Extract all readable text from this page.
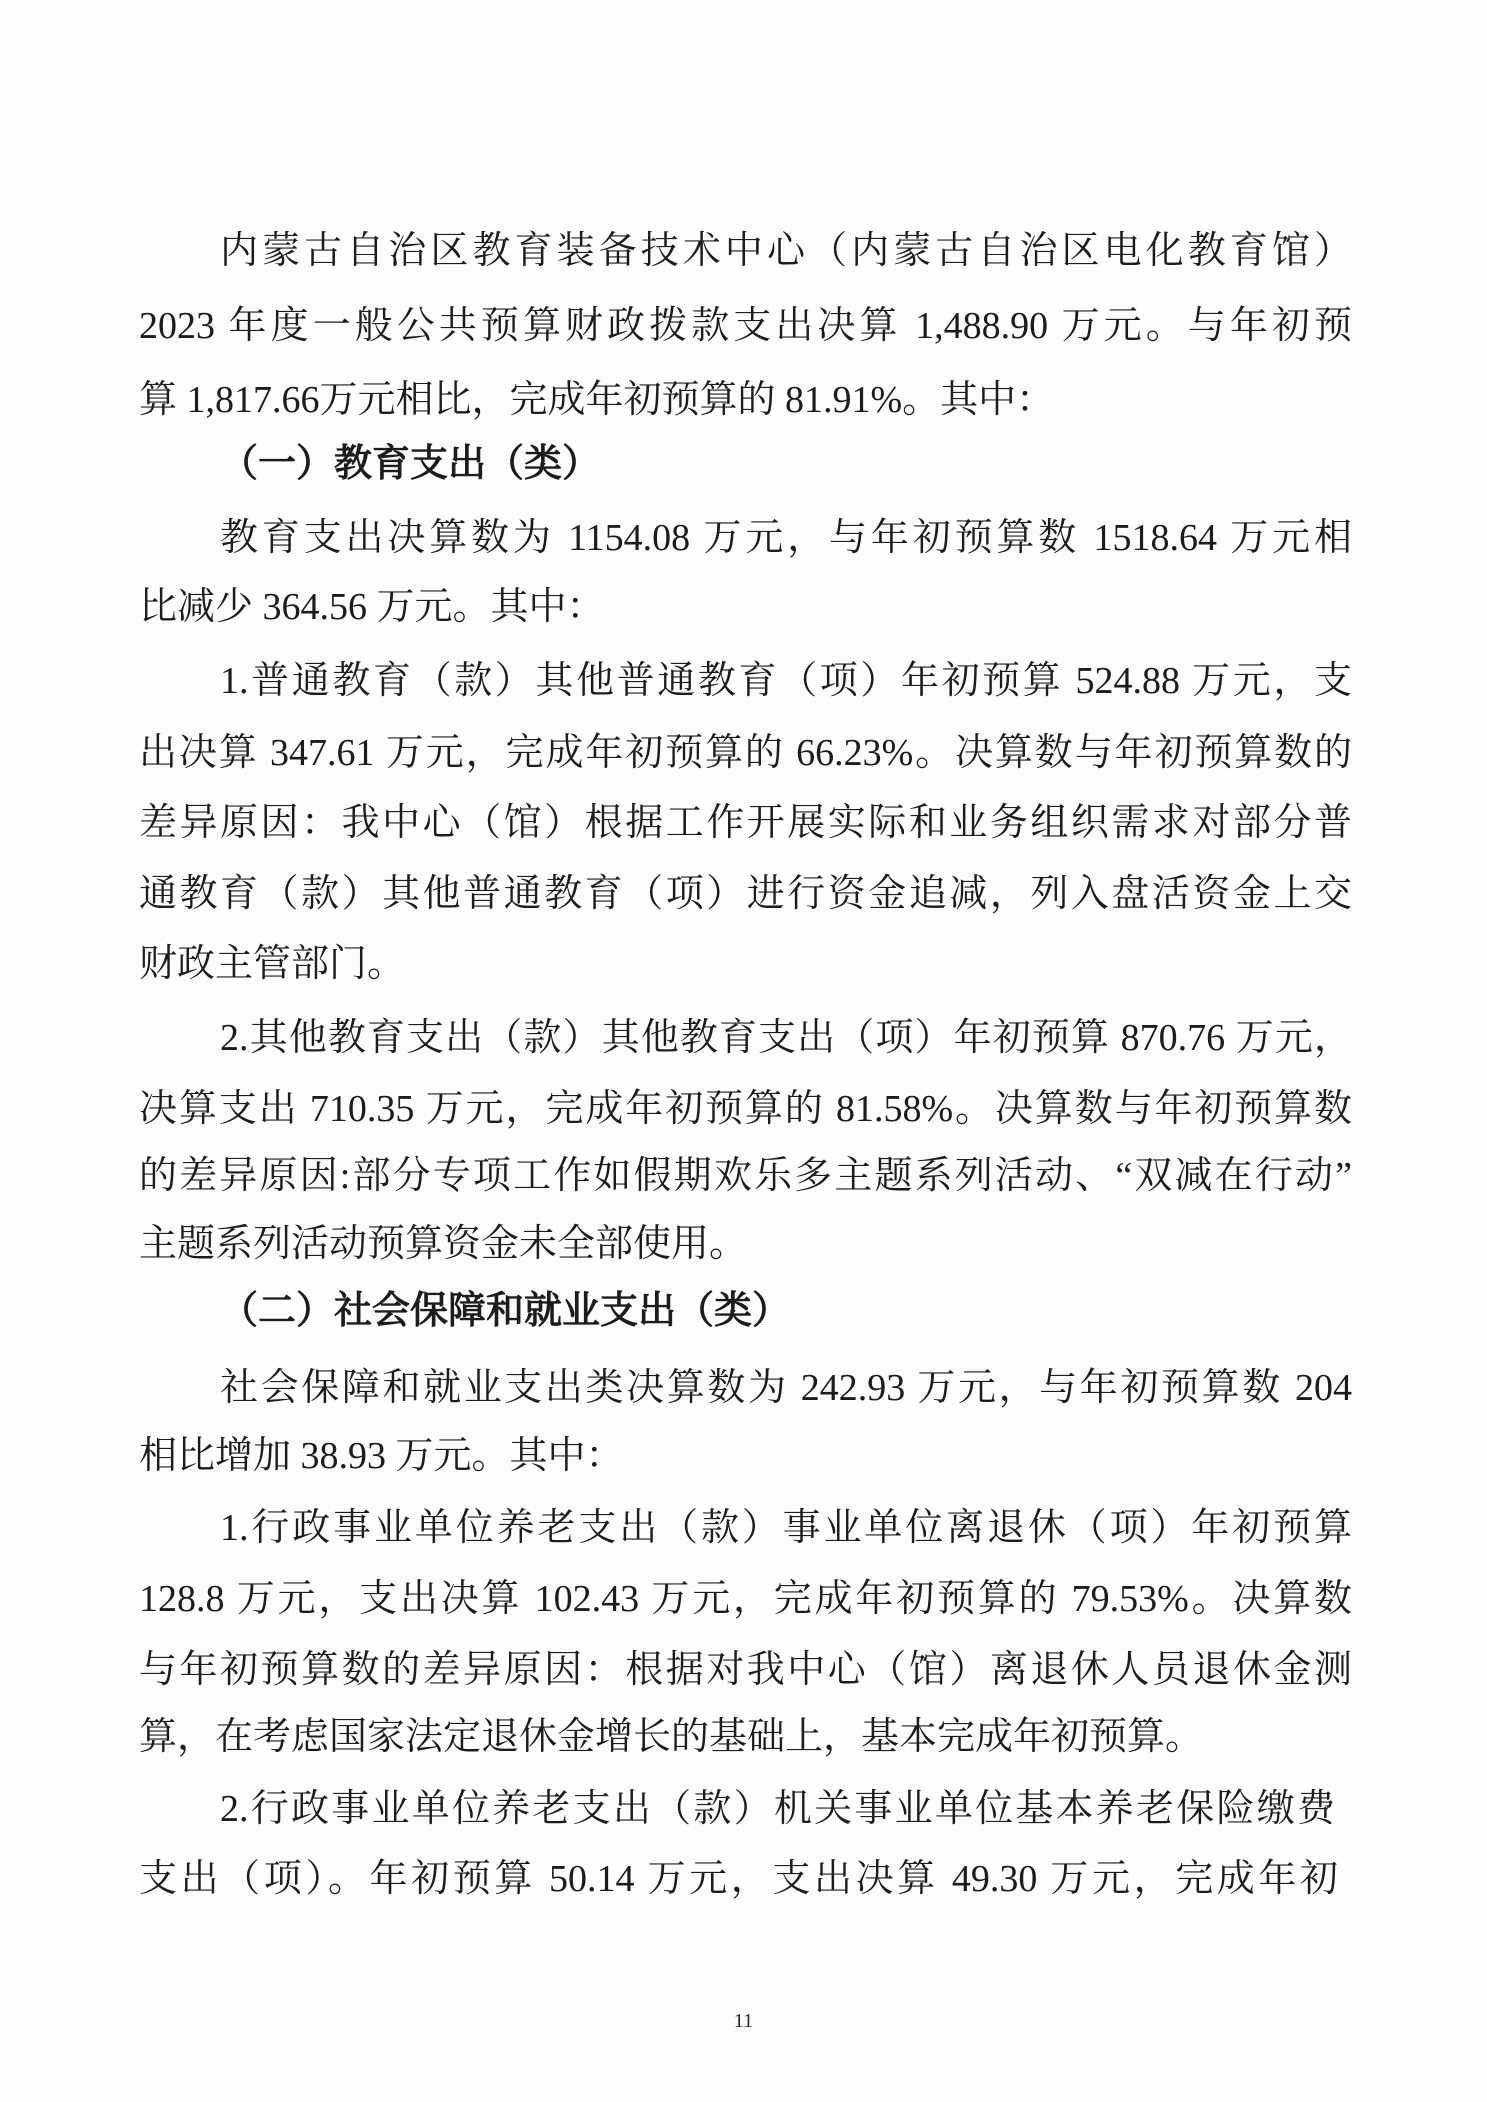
内蒙古自治区教育装备技术中心（内蒙古自治区电化教育馆）
2023 年度一般公共预算财政拨款支出决算 1,488.90 万元。与年初预
算 1,817.66万元相比，完成年初预算的 81.91%。其中：
（一）教育支出（类）
教育支出决算数为 1154.08 万元，与年初预算数 1518.64 万元相
比减少 364.56 万元。其中：
1.普通教育（款）其他普通教育（项）年初预算 524.88 万元，支
出决算 347.61 万元，完成年初预算的 66.23%。决算数与年初预算数的
差异原因：我中心（馆）根据工作开展实际和业务组织需求对部分普
通教育（款）其他普通教育（项）进行资金追减，列入盘活资金上交
财政主管部门。
2.其他教育支出（款）其他教育支出（项）年初预算 870.76 万元，
决算支出 710.35 万元，完成年初预算的 81.58%。决算数与年初预算数
的差异原因:部分专项工作如假期欢乐多主题系列活动、“双减在行动”
主题系列活动预算资金未全部使用。
（二）社会保障和就业支出（类）
社会保障和就业支出类决算数为 242.93 万元，与年初预算数 204
相比增加 38.93 万元。其中：
1.行政事业单位养老支出（款）事业单位离退休（项）年初预算
128.8 万元，支出决算 102.43 万元，完成年初预算的 79.53%。决算数
与年初预算数的差异原因：根据对我中心（馆）离退休人员退休金测
算，在考虑国家法定退休金增长的基础上，基本完成年初预算。
2.行政事业单位养老支出（款）机关事业单位基本养老保险缴费
支出（项）。年初预算 50.14 万元，支出决算 49.30 万元，完成年初
11
